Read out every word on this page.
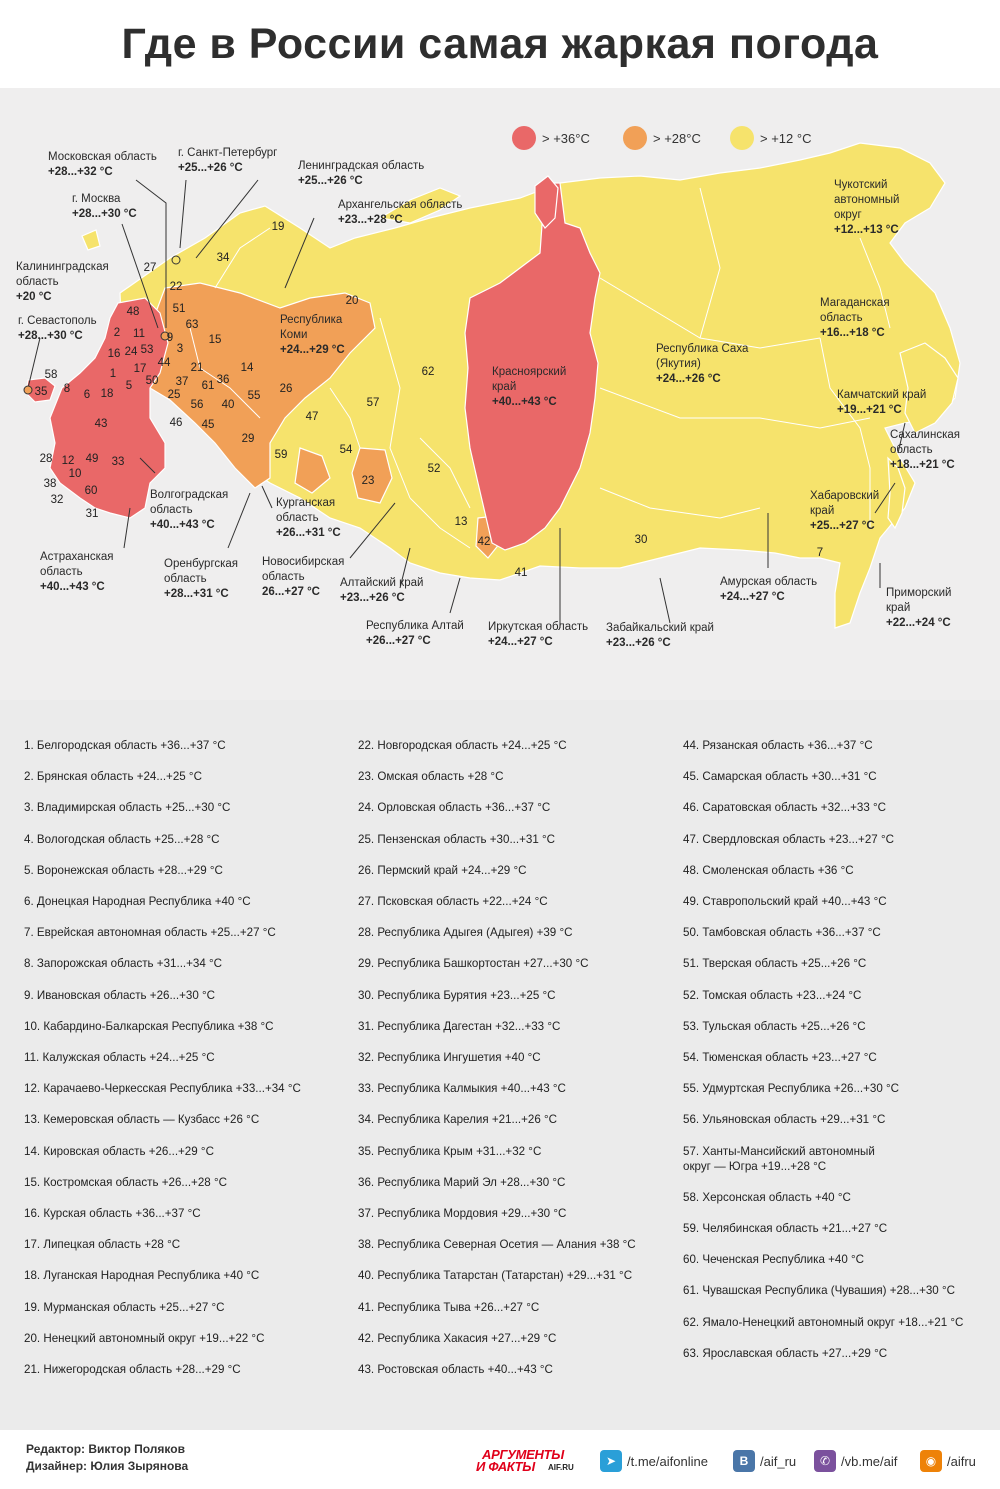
Где в России самая жаркая погода
> +36°C	> +28°C	> +12 °C
Московская область
+28...+32 °C
г. Санкт-Петербург
+25...+26 °C	Ленинградская область
+25...+26 °C
Архангельская область
+23...+28 °C
г. Москва
+28...+30 °C
Калининградская
область
+20 °C
г. Севастополь
+28...+30 °C
Республика
Коми
+24...+29 °C
Красноярский
край
+40...+43 °C
Республика Саха
(Якутия)
+24...+26 °C
Чукотский
автономный
округ
+12...+13 °C
Магаданская
область
+16...+18 °C
Камчатский край
+19...+21 °C
Сахалинская
область
+18...+21 °C
Хабаровский
край
+25...+27 °C
Приморский
край
+22...+24 °C
Амурская область
+24...+27 °C
Забайкальский край
+23...+26 °C
Иркутская область
+24...+27 °C
Республика Алтай
+26...+27 °C
Алтайский край
+23...+26 °C
Новосибирская
область
26...+27 °C
Курганская
область
+26...+31 °C
Оренбургская
область
+28...+31 °C
Волгоградская
область
+40...+43 °C
Астраханская
область
+40...+43 °C
48
2 11
16 53 3
15
44
24
1 17
63
51
22
27
34
19
20
58
35 8 6 18
5 50 37
21
61 36
14
25
56 40
55
26
43	46 45
47
29
57
62
28 12 49 33
10
38
60
32
31
59	54
23
52
13
42
41
30
9
7
1. Белгородская область +36...+37 °C
2. Брянская область +24...+25 °C
3. Владимирская область +25...+30 °C
4. Вологодская область +25...+28 °C
5. Воронежская область +28...+29 °C
6. Донецкая Народная Республика +40 °C
7. Еврейская автономная область +25...+27 °C
8. Запорожская область +31...+34 °C
9. Ивановская область +26...+30 °C
10. Кабардино-Балкарская Республика +38 °C
11. Калужская область +24...+25 °C
12. Карачаево-Черкесская Республика +33...+34 °C
13. Кемеровская область — Кузбасс +26 °C
14. Кировская область +26...+29 °C
15. Костромская область +26...+28 °C
16. Курская область +36...+37 °C
17. Липецкая область +28 °C
18. Луганская Народная Республика +40 °C
19. Мурманская область +25...+27 °C
20. Ненецкий автономный округ +19...+22 °C
21. Нижегородская область +28...+29 °C
22. Новгородская область +24...+25 °C
23. Омская область +28 °C
24. Орловская область +36...+37 °C
25. Пензенская область +30...+31 °C
26. Пермский край +24...+29 °C
27. Псковская область +22...+24 °C
28. Республика Адыгея (Адыгея) +39 °C
29. Республика Башкортостан +27...+30 °C
30. Республика Бурятия +23...+25 °C
31. Республика Дагестан +32...+33 °C
32. Республика Ингушетия +40 °C
33. Республика Калмыкия +40...+43 °C
34. Республика Карелия +21...+26 °C
35. Республика Крым +31...+32 °C
36. Республика Марий Эл +28...+30 °C
37. Республика Мордовия +29...+30 °C
38. Республика Северная Осетия — Алания +38 °C
40. Республика Татарстан (Татарстан) +29...+31 °C
41. Республика Тыва +26...+27 °C
42. Республика Хакасия +27...+29 °C
43. Ростовская область +40...+43 °C
44. Рязанская область +36...+37 °C
45. Самарская область +30...+31 °C
46. Саратовская область +32...+33 °C
47. Свердловская область +23...+27 °C
48. Смоленская область +36 °C
49. Ставропольский край +40...+43 °C
50. Тамбовская область +36...+37 °C
51. Тверская область +25...+26 °C
52. Томская область +23...+24 °C
53. Тульская область +25...+26 °C
54. Тюменская область +23...+27 °C
55. Удмуртская Республика +26...+30 °C
56. Ульяновская область +29...+31 °C
57. Ханты-Мансийский автономный
округ — Югра +19...+28 °C
58. Херсонская область +40 °C
59. Челябинская область +21...+27 °C
60. Чеченская Республика +40 °C
61. Чувашская Республика (Чувашия) +28...+30 °C
62. Ямало-Ненецкий автономный округ +18...+21 °C
63. Ярославская область +27...+29 °C
Редактор: Виктор Поляков
Дизайнер: Юлия Зырянова
АРГУМЕНТЫ
И ФАКТЫ AIF.RU	➤ /t.me/aifonline	В /aif_ru	✆ /vb.me/aif	◉ /aifru
